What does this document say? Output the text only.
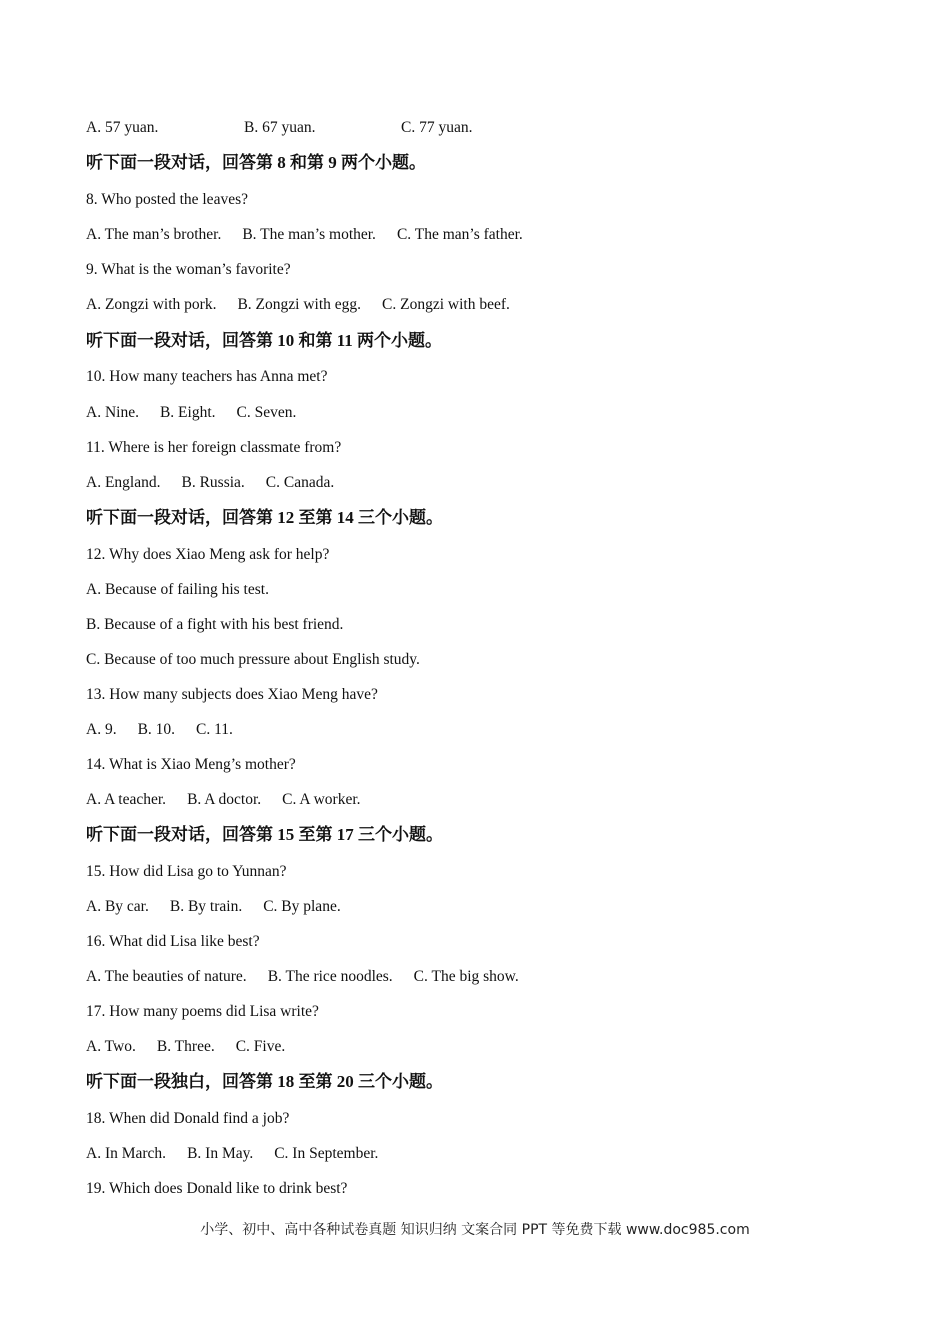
A. 57 yuan.	B. 67 yuan.	C. 77 yuan.
听下面一段对话，回答第 8 和第 9 两个小题。
8. Who posted the leaves?
A. The man’s brother. B. The man’s mother. C. The man’s father.
9. What is the woman’s favorite?
A. Zongzi with pork. B. Zongzi with egg. C. Zongzi with beef.
听下面一段对话，回答第 10 和第 11 两个小题。
10. How many teachers has Anna met?
A. Nine. B. Eight. C. Seven.
11. Where is her foreign classmate from?
A. England. B. Russia. C. Canada.
听下面一段对话，回答第 12 至第 14 三个小题。
12. Why does Xiao Meng ask for help?
A. Because of failing his test.
B. Because of a fight with his best friend.
C. Because of too much pressure about English study.
13. How many subjects does Xiao Meng have?
A. 9. B. 10. C. 11.
14. What is Xiao Meng’s mother?
A. A teacher. B. A doctor. C. A worker.
听下面一段对话，回答第 15 至第 17 三个小题。
15. How did Lisa go to Yunnan?
A. By car. B. By train. C. By plane.
16. What did Lisa like best?
A. The beauties of nature. B. The rice noodles. C. The big show.
17. How many poems did Lisa write?
A. Two. B. Three. C. Five.
听下面一段独白，回答第 18 至第 20 三个小题。
18. When did Donald find a job?
A. In March. B. In May. C. In September.
19. Which does Donald like to drink best?
小学、初中、高中各种试卷真题 知识归纳 文案合同 PPT 等免费下载 www.doc985.com
